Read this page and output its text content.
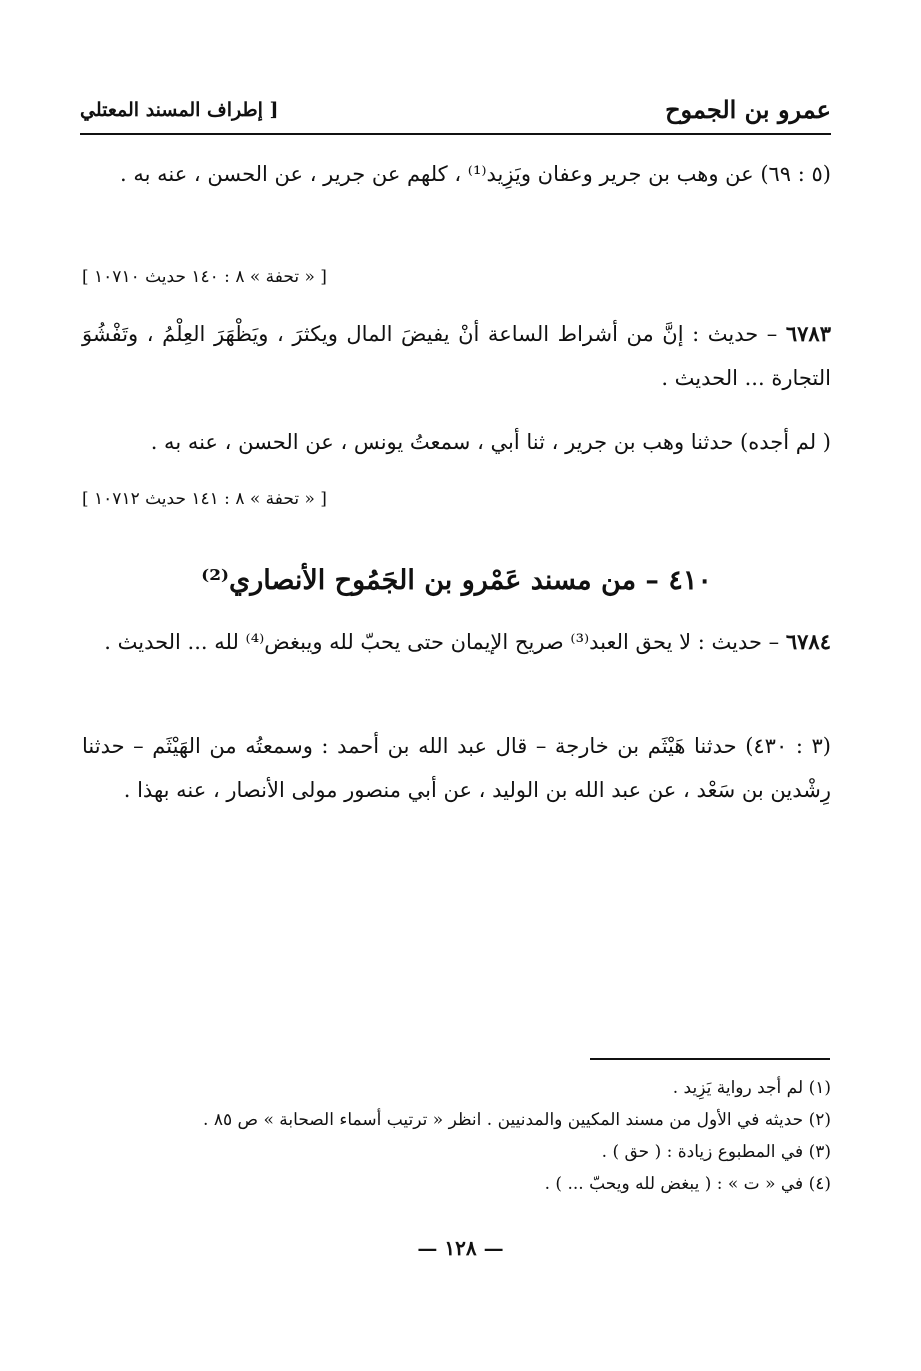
عمرو بن الجموح
[ إطراف المسند المعتلي
(٥ : ٦٩) عن وهب بن جرير وعفان ويَزِيد⁽¹⁾ ، كلهم عن جرير ، عن الحسن ، عنه به .
[ « تحفة » ٨ : ١٤٠ حديث ١٠٧١٠ ]
٦٧٨٣ – حديث : إنَّ من أشراط الساعة أنْ يفيضَ المال ويكثرَ ، ويَظْهَرَ العِلْمُ ، وتَفْشُوَ التجارة ... الحديث .
( لم أجده) حدثنا وهب بن جرير ، ثنا أبي ، سمعتُ يونس ، عن الحسن ، عنه به .
[ « تحفة » ٨ : ١٤١ حديث ١٠٧١٢ ]
٤١٠ – من مسند عَمْرو بن الجَمُوح الأنصاري⁽²⁾
٦٧٨٤ – حديث : لا يحق العبد⁽³⁾ صريح الإيمان حتى يحبّ لله ويبغض⁽⁴⁾ لله ... الحديث .
(٣ : ٤٣٠) حدثنا هَيْثَم بن خارجة – قال عبد الله بن أحمد : وسمعتُه من الهَيْثَم – حدثنا رِشْدين بن سَعْد ، عن عبد الله بن الوليد ، عن أبي منصور مولى الأنصار ، عنه بهذا .
(١) لم أجد رواية يَزِيد .
(٢) حديثه في الأول من مسند المكيين والمدنيين . انظر « ترتيب أسماء الصحابة » ص ٨٥ .
(٣) في المطبوع زيادة : ( حق ) .
(٤) في « ت » : ( يبغض لله ويحبّ ... ) .
— ١٢٨ —
